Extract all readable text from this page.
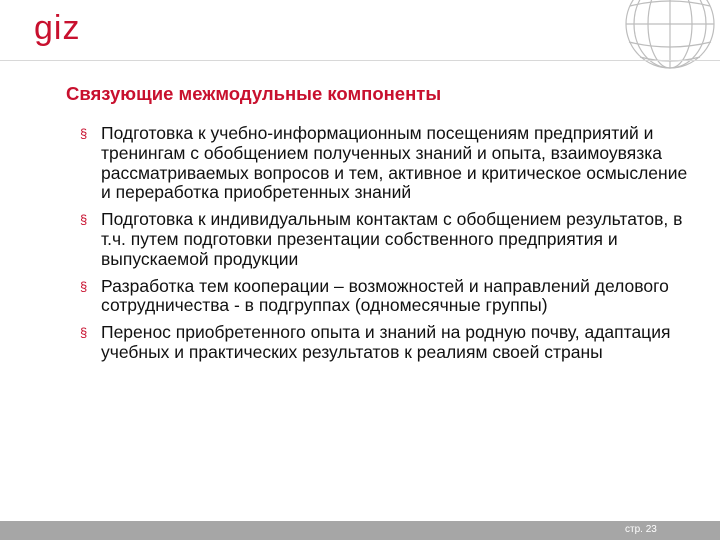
giz
Связующие межмодульные компоненты
§ Подготовка к учебно-информационным посещениям предприятий и тренингам с обобщением полученных знаний и опыта, взаимоувязка рассматриваемых вопросов и тем, активное и критическое осмысление и переработка приобретенных знаний
§ Подготовка к индивидуальным контактам с обобщением результатов, в т.ч. путем подготовки презентации собственного предприятия и выпускаемой продукции
§ Разработка тем кооперации – возможностей и направлений делового сотрудничества - в подгруппах (одномесячные группы)
§ Перенос приобретенного опыта и знаний на родную почву, адаптация учебных и практических результатов к реалиям своей страны
стр. 23
